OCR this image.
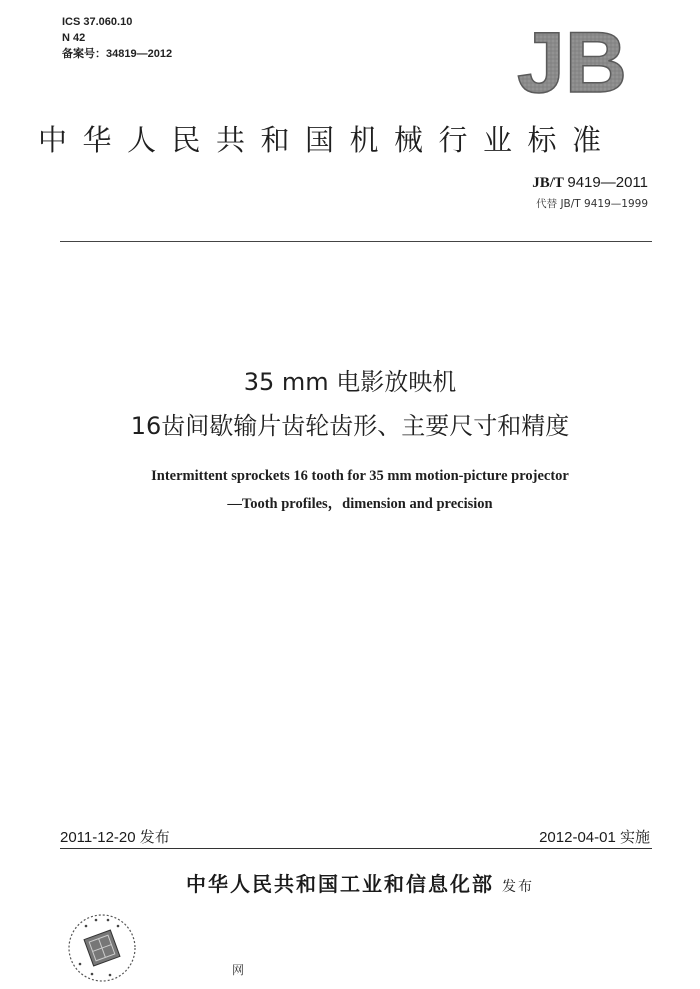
ICS 37.060.10
N 42
备案号：34819—2012	JB
中华人民共和国机械行业标准
JB/T 9419—2011
代替 JB/T 9419—1999
35 mm 电影放映机
16齿间歇输片齿轮齿形、主要尺寸和精度
Intermittent sprockets 16 tooth for 35 mm motion-picture projector
—Tooth profiles，dimension and precision
2011-12-20 发布	2012-04-01 实施
中华人民共和国工业和信息化部 发布
网
